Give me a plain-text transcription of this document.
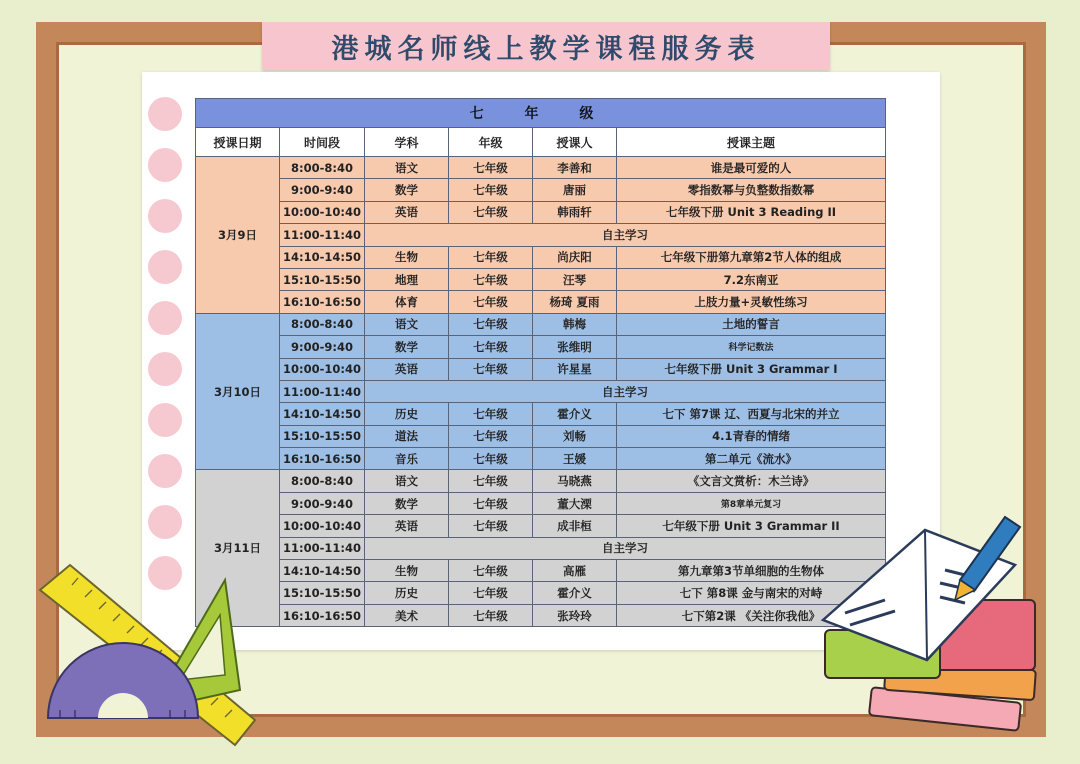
港城名师线上教学课程服务表
七 年 级					
授课日期	时间段	学科	年级	授课人	授课主题
3月9日	8:00-8:40	语文	七年级	李善和	谁是最可爱的人
	9:00-9:40	数学	七年级	唐丽	零指数幂与负整数指数幂
	10:00-10:40	英语	七年级	韩雨轩	七年级下册 Unit 3 Reading II
	11:00-11:40	自主学习			
	14:10-14:50	生物	七年级	尚庆阳	七年级下册第九章第2节人体的组成
	15:10-15:50	地理	七年级	汪琴	7.2东南亚
	16:10-16:50	体育	七年级	杨琦 夏雨	上肢力量+灵敏性练习
3月10日	8:00-8:40	语文	七年级	韩梅	土地的誓言
	9:00-9:40	数学	七年级	张维明	科学记数法
	10:00-10:40	英语	七年级	许星星	七年级下册 Unit 3 Grammar I
	11:00-11:40	自主学习			
	14:10-14:50	历史	七年级	霍介义	七下 第7课 辽、西夏与北宋的并立
	15:10-15:50	道法	七年级	刘畅	4.1青春的情绪
	16:10-16:50	音乐	七年级	王媛	第二单元《流水》
3月11日	8:00-8:40	语文	七年级	马晓燕	《文言文赏析：木兰诗》
	9:00-9:40	数学	七年级	董大溧	第8章单元复习
	10:00-10:40	英语	七年级	成非桓	七年级下册 Unit 3 Grammar II
	11:00-11:40	自主学习			
	14:10-14:50	生物	七年级	高雁	第九章第3节单细胞的生物体
	15:10-15:50	历史	七年级	霍介义	七下 第8课 金与南宋的对峙
	16:10-16:50	美术	七年级	张玲玲	七下第2课 《关注你我他》
